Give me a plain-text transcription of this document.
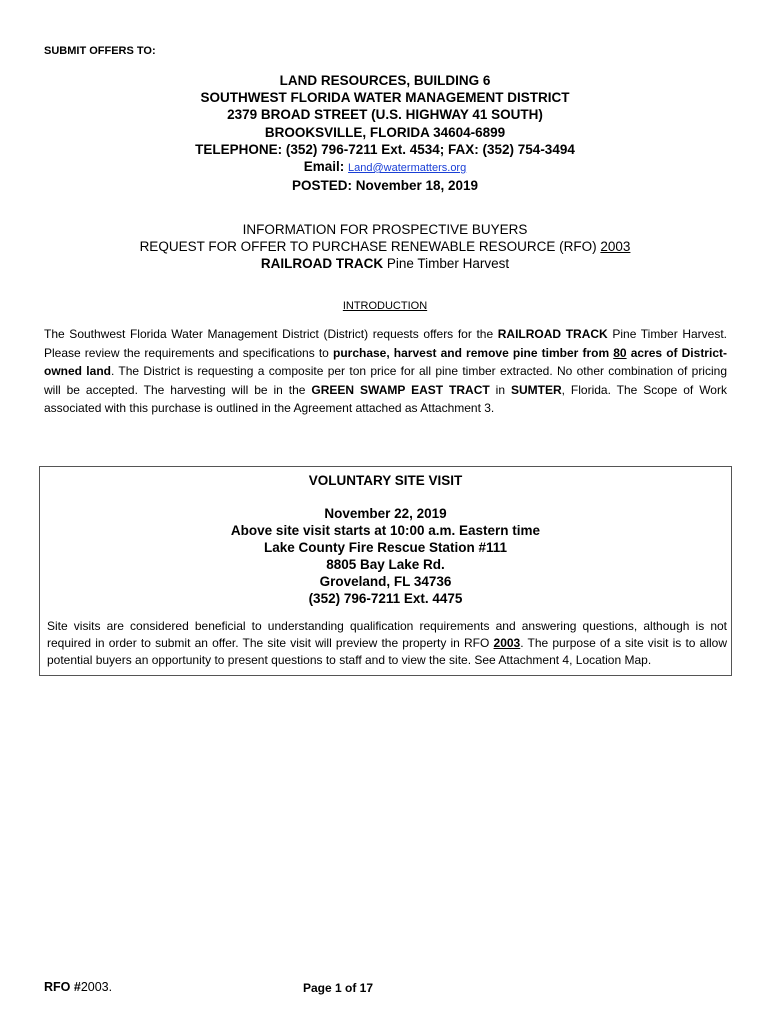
SUBMIT OFFERS TO:
LAND RESOURCES, BUILDING 6
SOUTHWEST FLORIDA WATER MANAGEMENT DISTRICT
2379 BROAD STREET (U.S. HIGHWAY 41 SOUTH)
BROOKSVILLE, FLORIDA 34604-6899
TELEPHONE: (352) 796-7211 Ext. 4534; FAX: (352) 754-3494
Email: Land@watermatters.org
POSTED: November 18, 2019
INFORMATION FOR PROSPECTIVE BUYERS
REQUEST FOR OFFER TO PURCHASE RENEWABLE RESOURCE (RFO) 2003
RAILROAD TRACK Pine Timber Harvest
INTRODUCTION
The Southwest Florida Water Management District (District) requests offers for the RAILROAD TRACK Pine Timber Harvest. Please review the requirements and specifications to purchase, harvest and remove pine timber from 80 acres of District-owned land. The District is requesting a composite per ton price for all pine timber extracted. No other combination of pricing will be accepted. The harvesting will be in the GREEN SWAMP EAST TRACT in SUMTER, Florida. The Scope of Work associated with this purchase is outlined in the Agreement attached as Attachment 3.
VOLUNTARY SITE VISIT
November 22, 2019
Above site visit starts at 10:00 a.m. Eastern time
Lake County Fire Rescue Station #111
8805 Bay Lake Rd.
Groveland, FL 34736
(352) 796-7211 Ext. 4475
Site visits are considered beneficial to understanding qualification requirements and answering questions, although is not required in order to submit an offer. The site visit will preview the property in RFO 2003. The purpose of a site visit is to allow potential buyers an opportunity to present questions to staff and to view the site. See Attachment 4, Location Map.
RFO #2003.	Page 1 of 17
